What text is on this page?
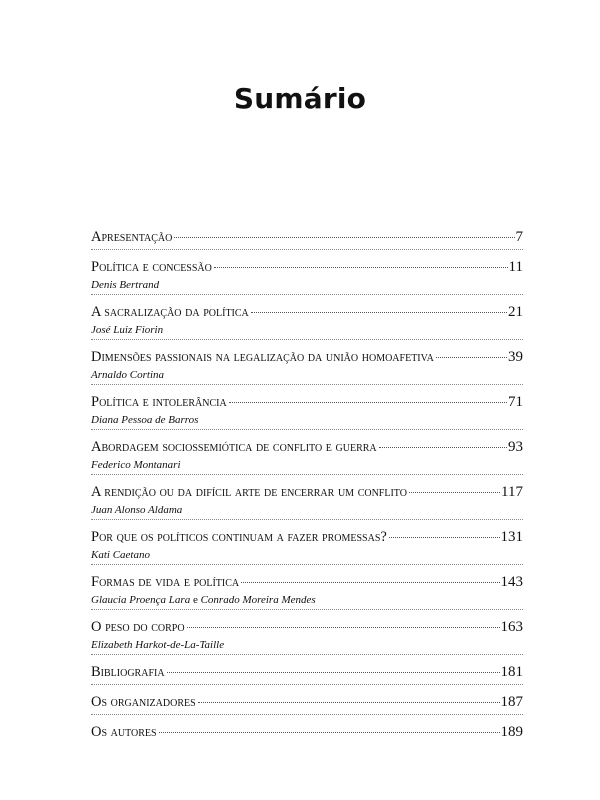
Sumário
Apresentação	7
Política e concessão	11
Denis Bertrand
A sacralização da política	21
José Luiz Fiorin
Dimensões passionais na legalização da união homoafetiva	39
Arnaldo Cortina
Política e intolerância	71
Diana Pessoa de Barros
Abordagem sociossemiótica de conflito e guerra	93
Federico Montanari
A rendição ou da difícil arte de encerrar um conflito	117
Juan Alonso Aldama
Por que os políticos continuam a fazer promessas?	131
Kati Caetano
Formas de vida e política	143
Glaucia Proença Lara e Conrado Moreira Mendes
O peso do corpo	163
Elizabeth Harkot-de-La-Taille
Bibliografia	181
Os organizadores	187
Os autores	189
